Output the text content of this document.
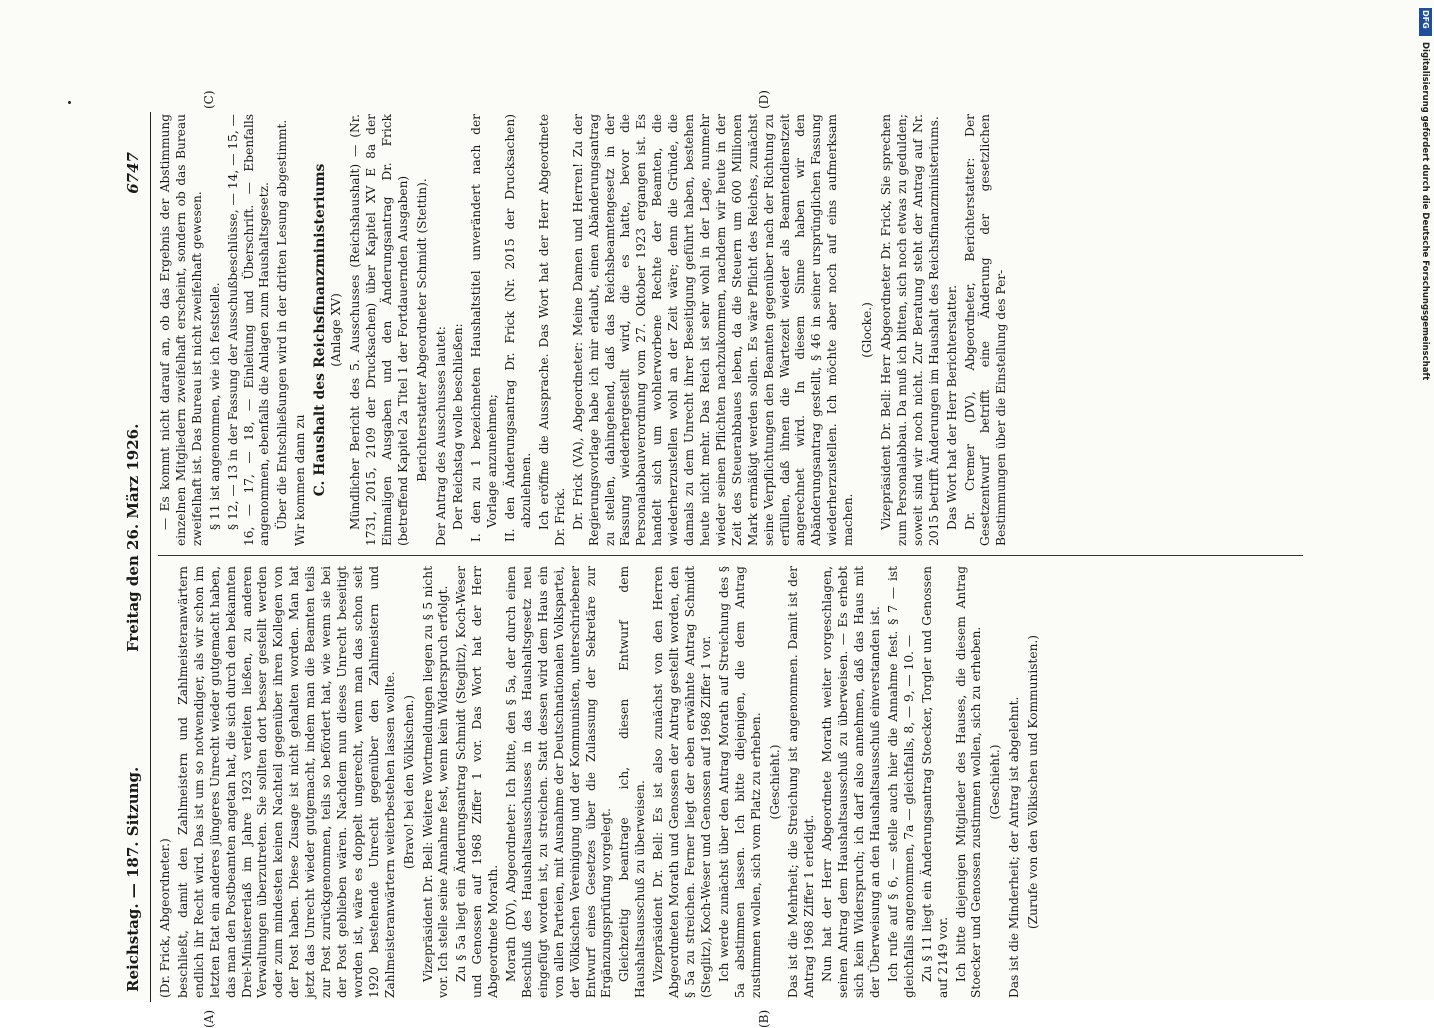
Reichstag. — 187. Sitzung.
Freitag den 26. März 1926.
6747
(A)	(B)
(C)	(D)

(Dr. Frick, Abgeordneter.) beschließt, damit den Zahlmeistern und Zahlmeisteranwärtern endlich ihr Recht wird. Das ist um so notwendiger, als wir schon im letzten Etat ein anderes jüngeres Unrecht wieder gutgemacht haben, das man den Postbeamten angetan hat, die sich durch den bekannten Drei-Ministererlaß im Jahre 1923 verleiten ließen, zu anderen Verwaltungen überzutreten. Sie sollten dort besser gestellt werden oder zum mindesten keinen Nachteil gegenüber ihren Kollegen von der Post haben. Diese Zusage ist nicht gehalten worden. Man hat jetzt das Unrecht wieder gutgemacht, indem man die Beamten teils zur Post zurückgenommen, teils so befördert hat, wie wenn sie bei der Post geblieben wären. Nachdem nun dieses Unrecht beseitigt worden ist, wäre es doppelt ungerecht, wenn man das schon seit 1920 bestehende Unrecht gegenüber den Zahlmeistern und Zahlmeisteranwärtern weiterbestehen lassen wollte. (Bravo! bei den Völkischen.) Vizepräsident Dr. Bell: Weitere Wortmeldungen liegen zu § 5 nicht vor. Ich stelle seine Annahme fest, wenn kein Widerspruch erfolgt. Zu § 5a liegt ein Änderungsantrag Schmidt (Steglitz), Koch-Weser und Genossen auf 1968 Ziffer 1 vor. Das Wort hat der Herr Abgeordnete Morath. Morath (DV), Abgeordneter: Ich bitte, den § 5a, der durch einen Beschluß des Haushaltsausschusses in das Haushaltsgesetz neu eingefügt worden ist, zu streichen. Statt dessen wird dem Haus ein von allen Parteien, mit Ausnahme der Deutschnationalen Volkspartei, der Völkischen Vereinigung und der Kommunisten, unterschriebener Entwurf eines Gesetzes über die Zulassung der Sekretäre zur Ergänzungsprüfung vorgelegt. Gleichzeitig beantrage ich, diesen Entwurf dem Haushaltsausschuß zu überweisen. Vizepräsident Dr. Bell: Es ist also zunächst von den Herren Abgeordneten Morath und Genossen der Antrag gestellt worden, den § 5a zu streichen. Ferner liegt der eben erwähnte Antrag Schmidt (Steglitz), Koch-Weser und Genossen auf 1968 Ziffer 1 vor. Ich werde zunächst über den Antrag Morath auf Streichung des § 5a abstimmen lassen. Ich bitte diejenigen, die dem Antrag zustimmen wollen, sich vom Platz zu erheben. (Geschieht.) Das ist die Mehrheit; die Streichung ist angenommen. Damit ist der Antrag 1968 Ziffer 1 erledigt. Nun hat der Herr Abgeordnete Morath weiter vorgeschlagen, seinen Antrag dem Haushaltsausschuß zu überweisen. — Es erhebt sich kein Widerspruch; ich darf also annehmen, daß das Haus mit der Überweisung an den Haushaltsausschuß einverstanden ist. Ich rufe auf § 6, — stelle auch hier die Annahme fest. § 7 — ist gleichfalls angenommen, 7a — gleichfalls, 8, — 9, — 10. — Zu § 11 liegt ein Änderungsantrag Stoecker, Torgler und Genossen auf 2149 vor. Ich bitte diejenigen Mitglieder des Hauses, die diesem Antrag Stoecker und Genossen zustimmen wollen, sich zu erheben. (Geschieht.) Das ist die Minderheit; der Antrag ist abgelehnt. (Zurufe von den Völkischen und Kommunisten.)

— Es kommt nicht darauf an, ob das Ergebnis der Abstimmung einzelnen Mitgliedern zweifelhaft erscheint, sondern ob das Bureau zweifelhaft ist. Das Bureau ist nicht zweifelhaft gewesen. § 11 ist angenommen, wie ich feststelle. § 12, — 13 in der Fassung der Ausschußbeschlüsse, — 14, — 15, — 16, — 17, — 18, — Einleitung und Überschrift. — Ebenfalls angenommen, ebenfalls die Anlagen zum Haushaltsgesetz. Über die Entschließungen wird in der dritten Lesung abgestimmt. Wir kommen dann zu C. Haushalt des Reichsfinanzministeriums (Anlage XV) Mündlicher Bericht des 5. Ausschusses (Reichshaushalt) — (Nr. 1731, 2015, 2109 der Drucksachen) über Kapitel XV E 8a der Einmaligen Ausgaben und den Änderungsantrag Dr. Frick (betreffend Kapitel 2a Titel 1 der Fortdauernden Ausgaben) Berichterstatter Abgeordneter Schmidt (Stettin). Der Antrag des Ausschusses lautet: Der Reichstag wolle beschließen: I. den zu 1 bezeichneten Haushaltstitel unverändert nach der Vorlage anzunehmen; II. den Änderungsantrag Dr. Frick (Nr. 2015 der Drucksachen) abzulehnen. Ich eröffne die Aussprache. Das Wort hat der Herr Abgeordnete Dr. Frick. Dr. Frick (VA), Abgeordneter: Meine Damen und Herren! Zu der Regierungsvorlage habe ich mir erlaubt, einen Abänderungsantrag zu stellen, dahingehend, daß das Reichsbeamtengesetz in der Fassung wiederhergestellt wird, die es hatte, bevor die Personalabbauverordnung vom 27. Oktober 1923 ergangen ist. Es handelt sich um wohlerworbene Rechte der Beamten, die wiederherzustellen wohl an der Zeit wäre; denn die Gründe, die damals zu dem Unrecht ihrer Beseitigung geführt haben, bestehen heute nicht mehr. Das Reich ist sehr wohl in der Lage, nunmehr wieder seinen Pflichten nachzukommen, nachdem wir heute in der Zeit des Steuerabbaues leben, da die Steuern um 600 Millionen Mark ermäßigt werden sollen. Es wäre Pflicht des Reiches, zunächst seine Verpflichtungen den Beamten gegenüber nach der Richtung zu erfüllen, daß ihnen die Wartezeit wieder als Beamtendienstzeit angerechnet wird. In diesem Sinne haben wir den Abänderungsantrag gestellt, § 46 in seiner ursprünglichen Fassung wiederherzustellen. Ich möchte aber noch auf eins aufmerksam machen.

(Glocke.) Vizepräsident Dr. Bell: Herr Abgeordneter Dr. Frick, Sie sprechen zum Personalabbau. Da muß ich bitten, sich noch etwas zu gedulden; soweit sind wir noch nicht. Zur Beratung steht der Antrag auf Nr. 2015 betrifft Änderungen im Haushalt des Reichsfinanzministeriums. Das Wort hat der Herr Berichterstatter. Dr. Cremer (DV), Abgeordneter, Berichterstatter: Der Gesetzentwurf betrifft eine Änderung der gesetzlichen Bestimmungen über die Einstellung des Per-

DFG
Digitalisierung gefördert durch die Deutsche Forschungsgemeinschaft
